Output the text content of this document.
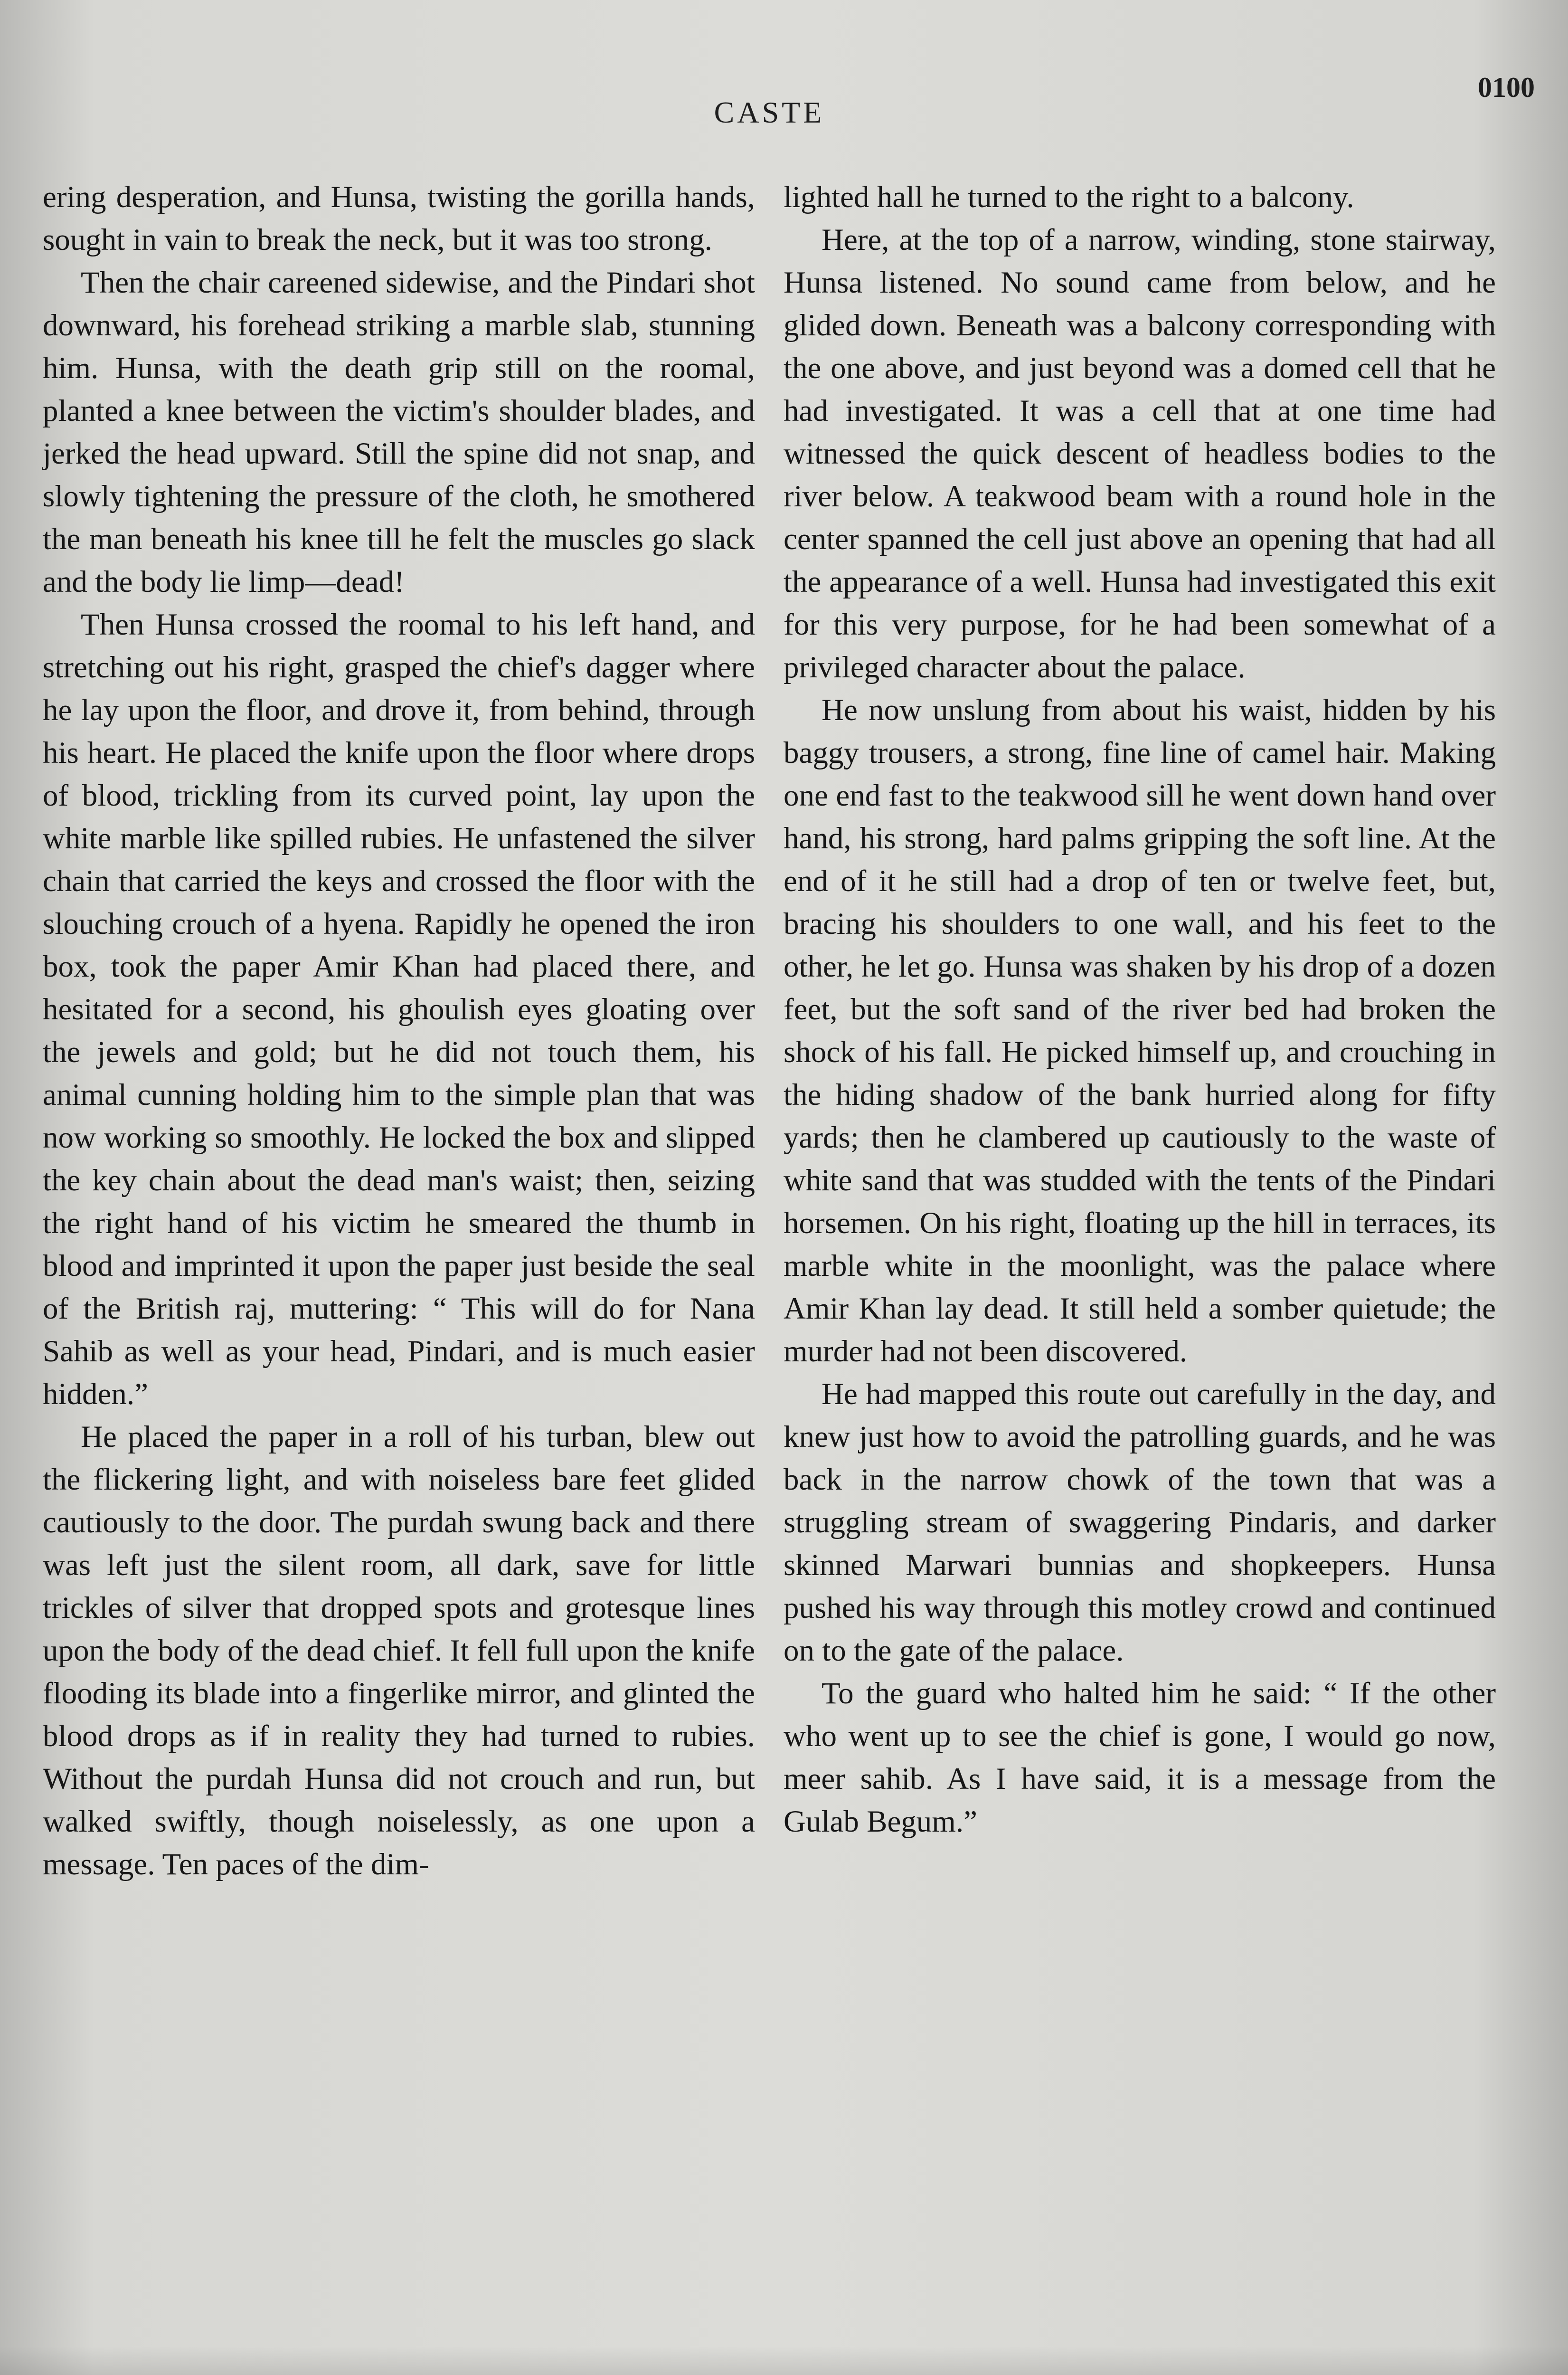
CASTE
0100

ering desperation, and Hunsa, twisting the gorilla hands, sought in vain to break the neck, but it was too strong.

Then the chair careened sidewise, and the Pindari shot downward, his forehead striking a marble slab, stunning him. Hunsa, with the death grip still on the roomal, planted a knee between the victim's shoulder blades, and jerked the head upward. Still the spine did not snap, and slowly tightening the pressure of the cloth, he smothered the man beneath his knee till he felt the muscles go slack and the body lie limp—dead!

Then Hunsa crossed the roomal to his left hand, and stretching out his right, grasped the chief's dagger where he lay upon the floor, and drove it, from behind, through his heart. He placed the knife upon the floor where drops of blood, trickling from its curved point, lay upon the white marble like spilled rubies. He unfastened the silver chain that carried the keys and crossed the floor with the slouching crouch of a hyena. Rapidly he opened the iron box, took the paper Amir Khan had placed there, and hesitated for a second, his ghoulish eyes gloating over the jewels and gold; but he did not touch them, his animal cunning holding him to the simple plan that was now working so smoothly. He locked the box and slipped the key chain about the dead man's waist; then, seizing the right hand of his victim he smeared the thumb in blood and imprinted it upon the paper just beside the seal of the British raj, muttering: “ This will do for Nana Sahib as well as your head, Pindari, and is much easier hidden.”

He placed the paper in a roll of his turban, blew out the flickering light, and with noiseless bare feet glided cautiously to the door. The purdah swung back and there was left just the silent room, all dark, save for little trickles of silver that dropped spots and grotesque lines upon the body of the dead chief. It fell full upon the knife flooding its blade into a fingerlike mirror, and glinted the blood drops as if in reality they had turned to rubies. Without the purdah Hunsa did not crouch and run, but walked swiftly, though noiselessly, as one upon a message. Ten paces of the dim-

lighted hall he turned to the right to a balcony.

Here, at the top of a narrow, winding, stone stairway, Hunsa listened. No sound came from below, and he glided down. Beneath was a balcony corresponding with the one above, and just beyond was a domed cell that he had investigated. It was a cell that at one time had witnessed the quick descent of headless bodies to the river below. A teakwood beam with a round hole in the center spanned the cell just above an opening that had all the appearance of a well. Hunsa had investigated this exit for this very purpose, for he had been somewhat of a privileged character about the palace.

He now unslung from about his waist, hidden by his baggy trousers, a strong, fine line of camel hair. Making one end fast to the teakwood sill he went down hand over hand, his strong, hard palms gripping the soft line. At the end of it he still had a drop of ten or twelve feet, but, bracing his shoulders to one wall, and his feet to the other, he let go. Hunsa was shaken by his drop of a dozen feet, but the soft sand of the river bed had broken the shock of his fall. He picked himself up, and crouching in the hiding shadow of the bank hurried along for fifty yards; then he clambered up cautiously to the waste of white sand that was studded with the tents of the Pindari horsemen. On his right, floating up the hill in terraces, its marble white in the moonlight, was the palace where Amir Khan lay dead. It still held a somber quietude; the murder had not been discovered.

He had mapped this route out carefully in the day, and knew just how to avoid the patrolling guards, and he was back in the narrow chowk of the town that was a struggling stream of swaggering Pindaris, and darker skinned Marwari bunnias and shopkeepers. Hunsa pushed his way through this motley crowd and continued on to the gate of the palace.

To the guard who halted him he said: “ If the other who went up to see the chief is gone, I would go now, meer sahib. As I have said, it is a message from the Gulab Begum.”
